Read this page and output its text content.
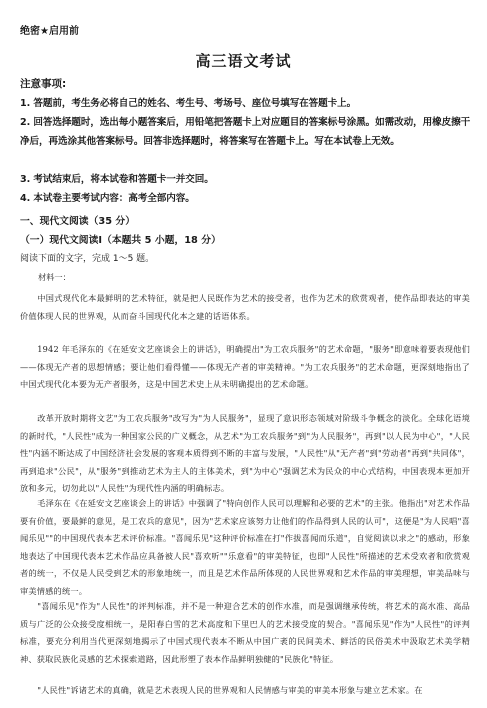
绝密★启用前
高三语文考试
注意事项:
1. 答题前，考生务必将自己的姓名、考生号、考场号、座位号填写在答题卡上。
2. 回答选择题时，选出每小题答案后，用铅笔把答题卡上对应题目的答案标号涂黑。如需改动，用橡皮擦干净后，再选涂其他答案标号。回答非选择题时，将答案写在答题卡上。写在本试卷上无效。
3. 考试结束后，将本试卷和答题卡一并交回。
4. 本试卷主要考试内容：高考全部内容。
一、现代文阅读（35 分）
（一）现代文阅读Ⅰ（本题共 5 小题，18 分）
阅读下面的文字，完成 1～5 题。
材料一：
中国式现代化本最鲜明的艺术特征，就是把人民既作为艺术的接受者，也作为艺术的欣赏观者，使作品即表达的审美价值体现人民的世界观，从而奋斗国现代化本之建的话语体系。
1942 年毛泽东的《在延安文艺座谈会上的讲话》，明确提出"为工农兵服务"的艺术命题，"服务"即意味着要表现他们——体现无产者的思想情感；要让他们看得懂——体现无产者的审美精神。"为工农兵服务"的艺术命题，更深刻地指出了中国式现代化本要为无产者服务，这是中国艺术史上从未明确提出的艺术命题。
改革开放时期将文艺"为工农兵服务"改写为"为人民服务"，显现了意识形态领域对阶级斗争概念的淡化。全球化语境的新时代，"人民性"成为一种国家公民的广义概念，从艺术"为工农兵服务"到"为人民服务"，再到"以人民为中心"，"人民性"内涵不断达成了中国经济社会发展的客观本质得到不断的丰富与发展，"人民性"从"无产者"到"劳动者"再到"共同体"，再到追求"公民"，从"服务"到推动艺术为主人的主体美术，到"为中心"强调艺术为民众的中心式结构，中国表现本更加开放和多元，切勿此以"人民性"为现代性内涵的明确标志。
毛泽东在《在延安文艺座谈会上的讲话》中强调了"特向创作人民可以理解和必要的艺术"的主张。他指出"对艺术作品要有价值，要最鲜的意见，是工农兵的意见"，因为"艺术家应该努力让他们的作品得到人民的认可"，这便是"为人民唱"喜闻乐见""的中国现代表本艺术评价标准。"喜闻乐见"这种评价标准在打"作拔喜闻而乐道"，自觉阅读以求之"的感动，形象地表达了中国现代表本艺术作品应具备被人民"喜欢听""乐意看"的审美特征，也即"人民性"所描述的艺术受欢者和欣赏观者的统一，不仅是人民受到艺术的形象地统一，而且是艺术作品所体现的人民世界观和艺术作品的审美理想，审美品味与审美情感的统一。
"喜闻乐见"作为"人民性"的评判标准，并不是一种迎合艺术的创作水准，而是强调继承传统，将艺术的高水准、高品质与广泛的公众接受度相统一，是阳春白雪的艺术高度和下里巴人的艺术接受度的契合。"喜闻乐见"作为"人民性"的评判标准，要充分利用当代更深刻地揭示了中国式现代表本不断从中国广袤的民间美术、鲜活的民俗美术中汲取艺术美学精神、获取民族化灵感的艺术探索道路，因此形塑了表本作品鲜明独健的"民族化"特征。
"人民性"诉诸艺术的真确，就是艺术表现人民的世界观和人民情感与审美的审美本形象与建立艺术家。在
